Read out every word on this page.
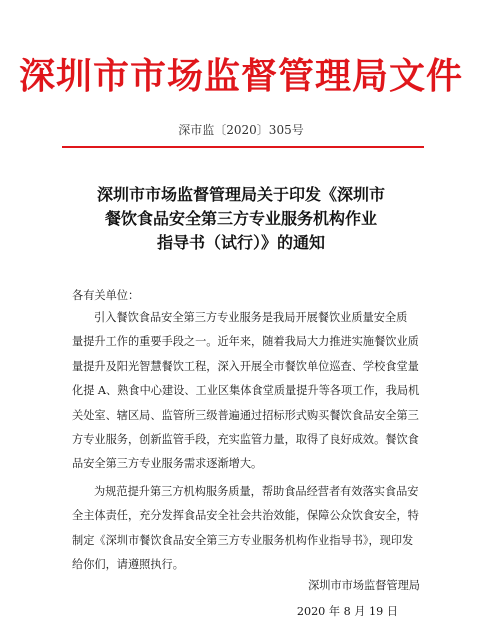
深圳市市场监督管理局文件
深市监〔2020〕305号
深圳市市场监督管理局关于印发《深圳市
餐饮食品安全第三方专业服务机构作业
指导书（试行）》的通知
各有关单位：
引入餐饮食品安全第三方专业服务是我局开展餐饮业质量安全质
量提升工作的重要手段之一。近年来，随着我局大力推进实施餐饮业质
量提升及阳光智慧餐饮工程，深入开展全市餐饮单位巡查、学校食堂量
化提 A、熟食中心建设、工业区集体食堂质量提升等各项工作，我局机
关处室、辖区局、监管所三级普遍通过招标形式购买餐饮食品安全第三
方专业服务，创新监管手段，充实监管力量，取得了良好成效。餐饮食
品安全第三方专业服务需求逐渐增大。
为规范提升第三方机构服务质量，帮助食品经营者有效落实食品安
全主体责任，充分发挥食品安全社会共治效能，保障公众饮食安全，特
制定《深圳市餐饮食品安全第三方专业服务机构作业指导书》，现印发
给你们，请遵照执行。
深圳市市场监督管理局
2020 年 8 月 19 日
